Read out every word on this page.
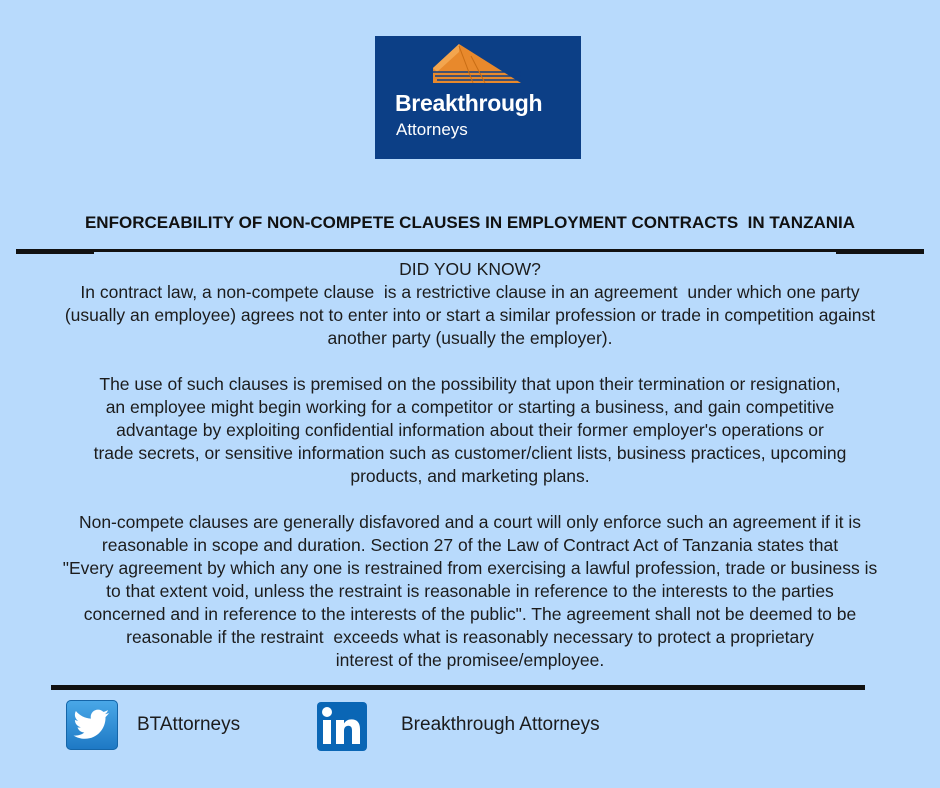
Breakthrough
Attorneys
ENFORCEABILITY OF NON-COMPETE CLAUSES IN EMPLOYMENT CONTRACTS  IN TANZANIA
DID YOU KNOW?
In contract law, a non-compete clause  is a restrictive clause in an agreement  under which one party
(usually an employee) agrees not to enter into or start a similar profession or trade in competition against
another party (usually the employer).
The use of such clauses is premised on the possibility that upon their termination or resignation,
an employee might begin working for a competitor or starting a business, and gain competitive
advantage by exploiting confidential information about their former employer's operations or
trade secrets, or sensitive information such as customer/client lists, business practices, upcoming
products, and marketing plans.
Non-compete clauses are generally disfavored and a court will only enforce such an agreement if it is
reasonable in scope and duration. Section 27 of the Law of Contract Act of Tanzania states that
"Every agreement by which any one is restrained from exercising a lawful profession, trade or business is
to that extent void, unless the restraint is reasonable in reference to the interests to the parties
concerned and in reference to the interests of the public". The agreement shall not be deemed to be
reasonable if the restraint  exceeds what is reasonably necessary to protect a proprietary
interest of the promisee/employee.
BTAttorneys	Breakthrough Attorneys
